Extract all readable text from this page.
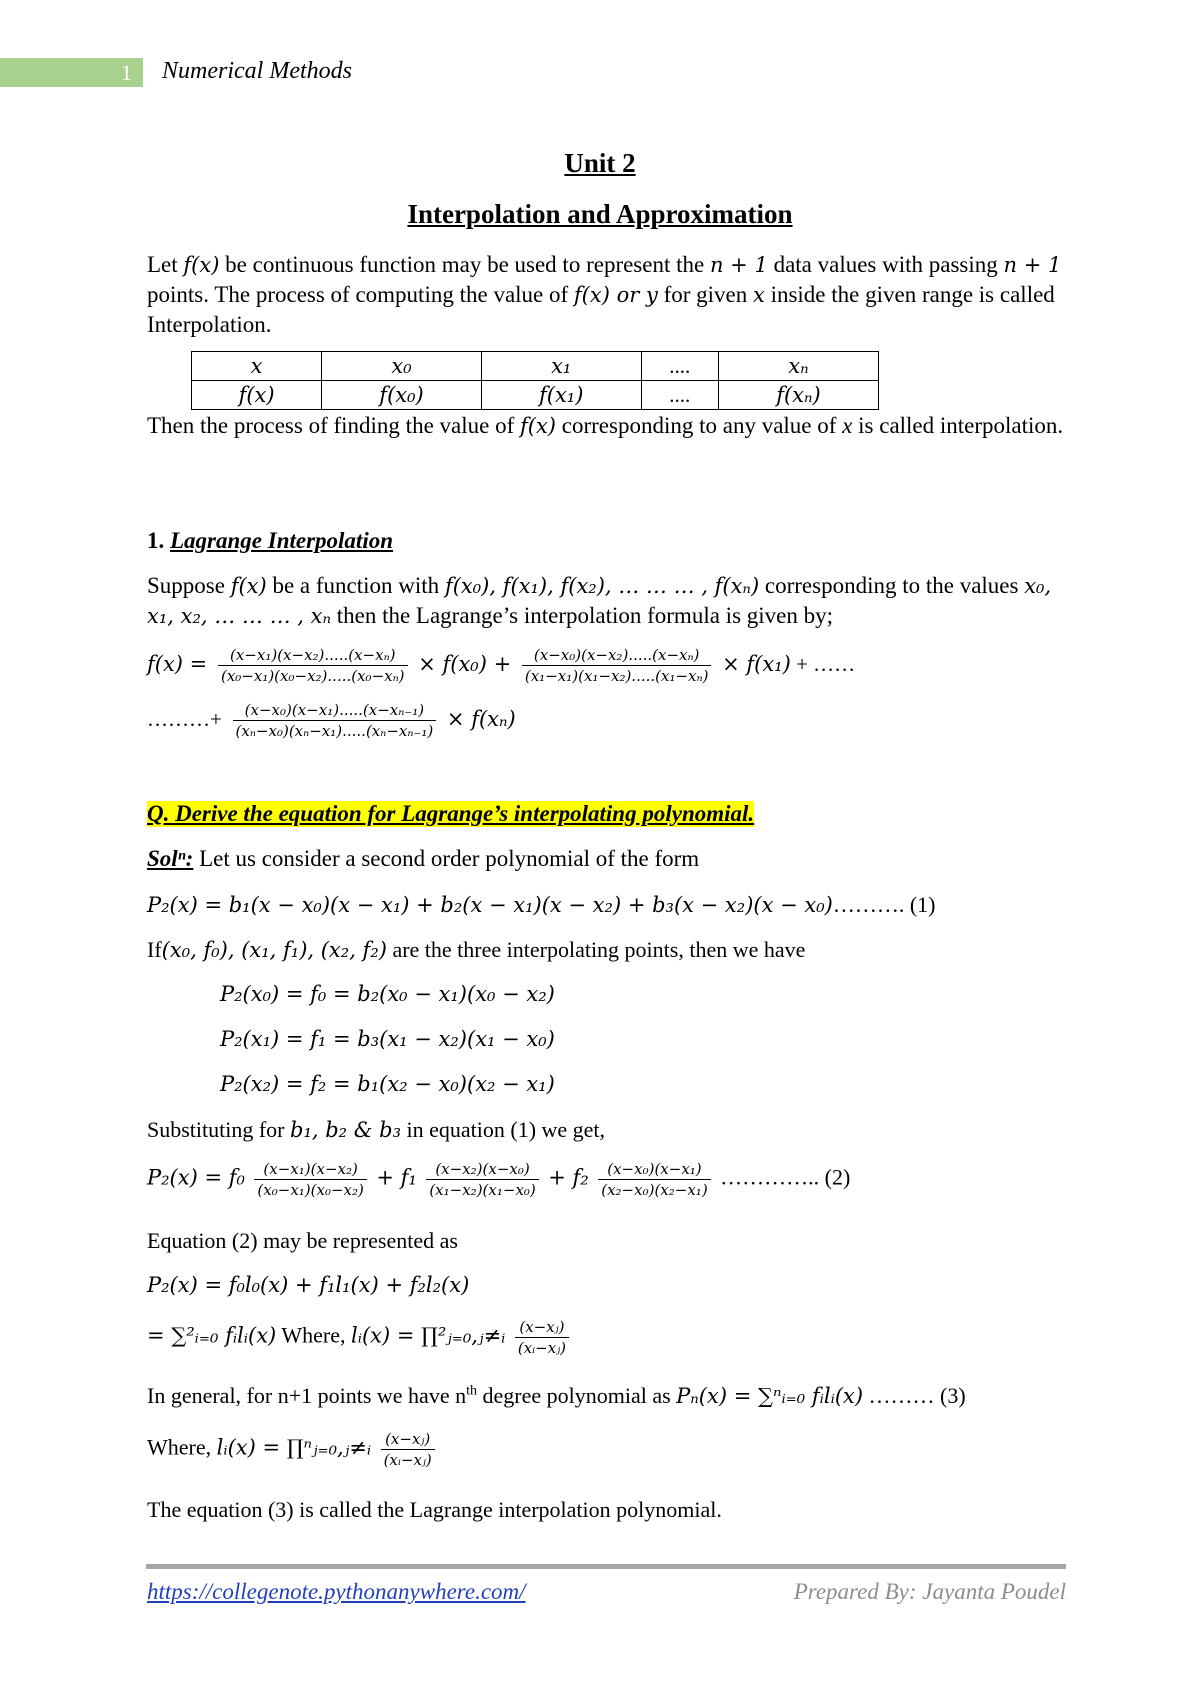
1 Numerical Methods
Unit 2
Interpolation and Approximation
Let f(x) be continuous function may be used to represent the n + 1 data values with passing n + 1 points. The process of computing the value of f(x) or y for given x inside the given range is called Interpolation.
x	x₀	x₁	....	xₙ
f(x)	f(x₀)	f(x₁)	....	f(xₙ)
Then the process of finding the value of f(x) corresponding to any value of x is called interpolation.
1. Lagrange Interpolation
Suppose f(x) be a function with f(x₀), f(x₁), f(x₂), … … … , f(xₙ) corresponding to the values x₀, x₁, x₂, … … … , xₙ then the Lagrange’s interpolation formula is given by;
$f(x) = \frac{\text{(x−x₁)(x−x₂).....(x−xₙ)}}{\text{(x₀−x₁)(x₀−x₂).....(x₀−xₙ)}} \times f(x_0) + \frac{\text{(x−x₀)(x−x₂).....(x−xₙ)}}{\text{(x₁−x₁)(x₁−x₂).....(x₁−xₙ)}} \times f(x_1)$ + ……
………+ $\frac{\text{(x−x₀)(x−x₁).....(x−xₙ₋₁)}}{\text{(xₙ−x₀)(xₙ−x₁).....(xₙ−xₙ₋₁)}} \times f(x_n)$
Q. Derive the equation for Lagrange’s interpolating polynomial.
Solⁿ: Let us consider a second order polynomial of the form
P₂(x) = b₁(x − x₀)(x − x₁) + b₂(x − x₁)(x − x₂) + b₃(x − x₂)(x − x₀)………. (1)
If(x₀, f₀), (x₁, f₁), (x₂, f₂) are the three interpolating points, then we have
P₂(x₀) = f₀ = b₂(x₀ − x₁)(x₀ − x₂)
P₂(x₁) = f₁ = b₃(x₁ − x₂)(x₁ − x₀)
P₂(x₂) = f₂ = b₁(x₂ − x₀)(x₂ − x₁)
Substituting for b₁, b₂ & b₃ in equation (1) we get,
$P_2(x) = f_0 \frac{\text{(x−x₁)(x−x₂)}}{\text{(x₀−x₁)(x₀−x₂)}} + f_1 \frac{\text{(x−x₂)(x−x₀)}}{\text{(x₁−x₂)(x₁−x₀)}} + f_2 \frac{\text{(x−x₀)(x−x₁)}}{\text{(x₂−x₀)(x₂−x₁)}}$ ………….. (2)
Equation (2) may be represented as
P₂(x) = f₀l₀(x) + f₁l₁(x) + f₂l₂(x)
= ∑²ᵢ₌₀ fᵢlᵢ(x) Where, lᵢ(x) = ∏²ⱼ₌₀,ⱼ≠ᵢ $\frac{\text{(x−xⱼ)}}{\text{(xᵢ−xⱼ)}}$
In general, for n+1 points we have $n^{th}$ degree polynomial as Pₙ(x) = ∑ⁿᵢ₌₀ fᵢlᵢ(x) ……… (3)
Where, lᵢ(x) = ∏ⁿⱼ₌₀,ⱼ≠ᵢ $\frac{\text{(x−xⱼ)}}{\text{(xᵢ−xⱼ)}}$
The equation (3) is called the Lagrange interpolation polynomial.
https://collegenote.pythonanywhere.com/	Prepared By: Jayanta Poudel
